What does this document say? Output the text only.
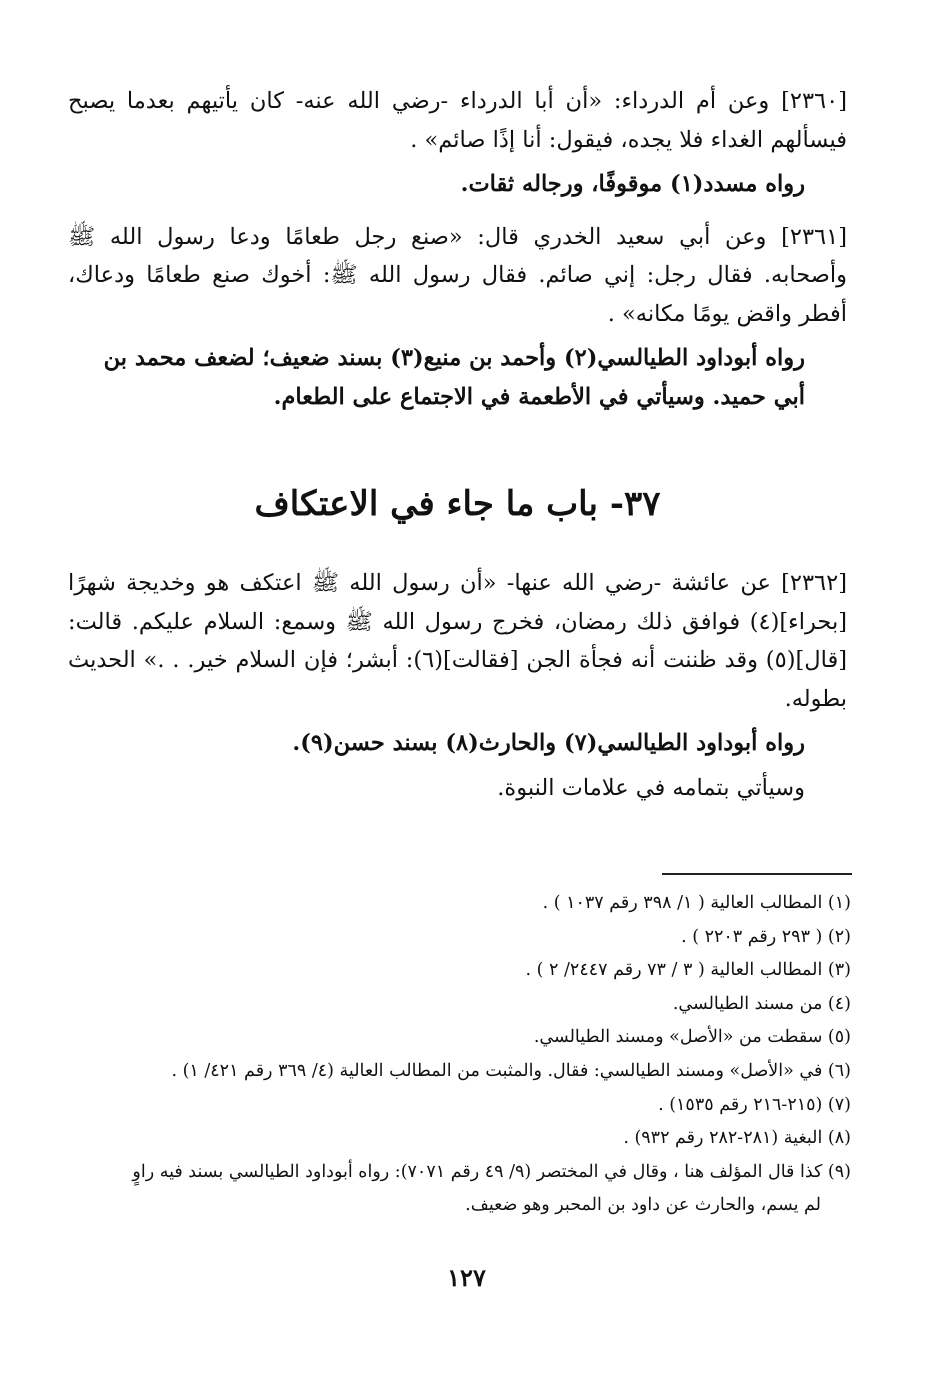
[٢٣٦٠] وعن أم الدرداء: «أن أبا الدرداء -رضي الله عنه- كان يأتيهم بعدما يصبح فيسألهم الغداء فلا يجده، فيقول: أنا إذًا صائم» .

رواه مسدد(١) موقوفًا، ورجاله ثقات.

[٢٣٦١] وعن أبي سعيد الخدري قال: «صنع رجل طعامًا ودعا رسول الله ﷺ وأصحابه. فقال رجل: إني صائم. فقال رسول الله ﷺ: أخوك صنع طعامًا ودعاك، أفطر واقض يومًا مكانه» .

رواه أبوداود الطيالسي(٢) وأحمد بن منيع(٣) بسند ضعيف؛ لضعف محمد بن أبي حميد. وسيأتي في الأطعمة في الاجتماع على الطعام.

٣٧- باب ما جاء في الاعتكاف

[٢٣٦٢] عن عائشة -رضي الله عنها- «أن رسول الله ﷺ اعتكف هو وخديجة شهرًا [بحراء](٤) فوافق ذلك رمضان، فخرج رسول الله ﷺ وسمع: السلام عليكم. قالت: [قال](٥) وقد ظننت أنه فجأة الجن [فقالت](٦): أبشر؛ فإن السلام خير. . .» الحديث بطوله.

رواه أبوداود الطيالسي(٧) والحارث(٨) بسند حسن(٩).

وسيأتي بتمامه في علامات النبوة.

(١) المطالب العالية ( ١/ ٣٩٨ رقم ١٠٣٧ ) .

(٢) ( ٢٩٣ رقم ٢٢٠٣ ) .

(٣) المطالب العالية ( ٣ / ٧٣ رقم ٢٤٤٧/ ٢ ) .

(٤) من مسند الطيالسي.

(٥) سقطت من «الأصل» ومسند الطيالسي.

(٦) في «الأصل» ومسند الطيالسي: فقال. والمثبت من المطالب العالية (٤/ ٣٦٩ رقم ٤٢١/ ١) .

(٧) (٢١٥-٢١٦ رقم ١٥٣٥) .

(٨) البغية (٢٨١-٢٨٢ رقم ٩٣٢) .

(٩) كذا قال المؤلف هنا ، وقال في المختصر (٩/ ٤٩ رقم ٧٠٧١): رواه أبوداود الطيالسي بسند فيه راوٍ

لم يسم، والحارث عن داود بن المحبر وهو ضعيف.

١٢٧
